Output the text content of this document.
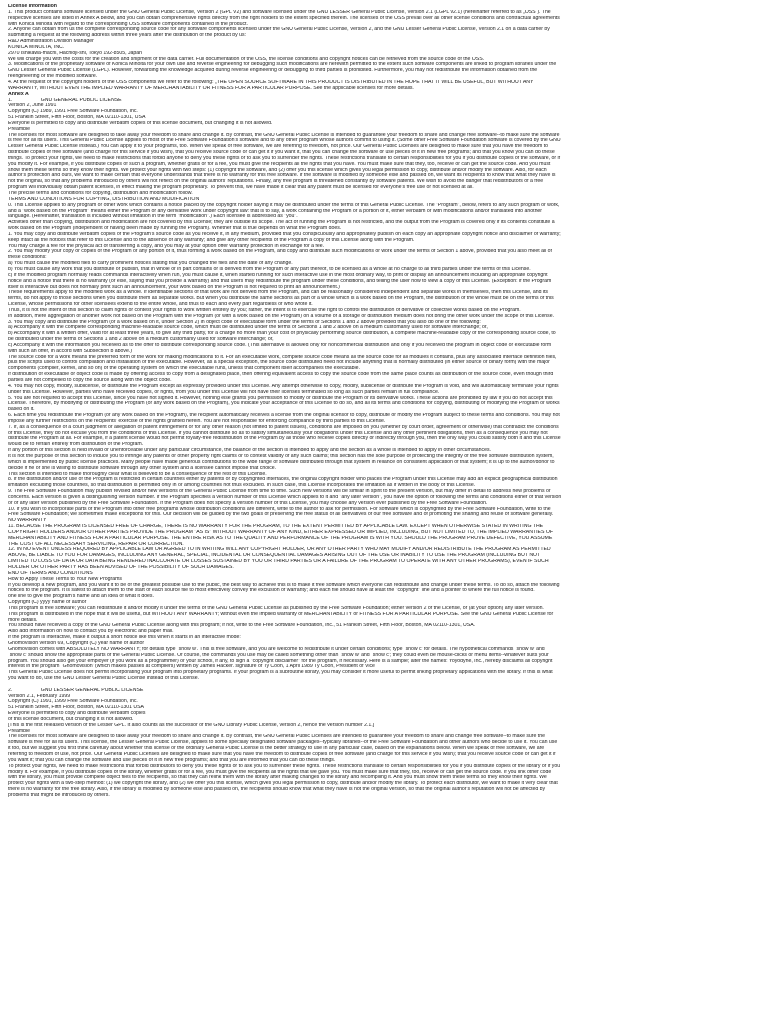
License Information
1. This product contains software licensed under the GNU General Public License, Version 2 (GPL V2) and software licensed under the GNU LESSER General Public License, Version 2.1 (LGPL v2.1) (hereinafter referred to as „OSS“). The
respective licenses are listed in Annex A below, and you can obtain comprehensive rights directly from the right holders to the extent specified therein. The licenses of the OSS prevail over all other license conditions and contractual agreements
with Konica Minolta with regard to the corresponding OSS software components contained in the product.
2. Anyone can obtain from us the complete corresponding source code for any software components licensed under the GNU General Public License, Version 2, and the GNU Lesser General Public License, Version 2.1 on a data carrier by
submitting a request at the following address within three years after the distribution of the product by us:
R&D Administration Division Manager
KONICA MINOLTA, INC.
2970 Ishikawa-machi, Hachioji-shi, Tokyo 192-8505, Japan
We will charge you with the costs for the creation and shipment of the data carrier. Full documentation of the OSS, the license conditions and copyright notices can be retrieved from the source code of the OSS.
3. Modifications of the proprietary software of Konica Minolta for your own use and reverse engineering for debugging such modifications are herewith permitted to the extent such software components are linked to program libraries under the
GNU Lesser General Public License (LGPL). However, forwarding the knowledge acquired during reverse engineering or debugging to third parties is prohibited. Furthermore, you may not redistribute the information obtained from the
reengineering or the modified software.
4. At the request of the copyright holders of the OSS components we refer to the following: „THE OPEN SOURCE SOFTWARE IN THIS PRODUCT IS DISTRIBUTED IN THE HOPE THAT IT WILL BE USEFUL, BUT WITHOUT ANY
WARRANTY, WITHOUT EVEN THE IMPLIED WARRANTY OF MERCHANTABILITY OR FITNESS FOR A PARTICULAR PURPOSE. See the applicable licenses for more details.“
Annex A
1.                    GNU GENERAL PUBLIC LICENSE
Version 2, June 1991
Copyright (C) 1989, 1991 Free Software Foundation, Inc.
51 Franklin Street, Fifth Floor, Boston, MA 02110-1301, USA
Everyone is permitted to copy and distribute verbatim copies of this license document, but changing it is not allowed.
Preamble
The licenses for most software are designed to take away your freedom to share and change it. By contrast, the GNU General Public License is intended to guarantee your freedom to share and change free software--to make sure the software
is free for all its users. This General Public License applies to most of the Free Software Foundation's software and to any other program whose authors commit to using it. (Some other Free Software Foundation software is covered by the GNU
Lesser General Public License instead.) You can apply it to your programs, too. When we speak of free software, we are referring to freedom, not price. Our General Public Licenses are designed to make sure that you have the freedom to
distribute copies of free software (and charge for this service if you wish), that you receive source code or can get it if you want it, that you can change the software or use pieces of it in new free programs; and that you know you can do these
things. To protect your rights, we need to make restrictions that forbid anyone to deny you these rights or to ask you to surrender the rights. These restrictions translate to certain responsibilities for you if you distribute copies of the software, or if
you modify it. For example, if you distribute copies of such a program, whether gratis or for a fee, you must give the recipients all the rights that you have. You must make sure that they, too, receive or can get the source code. And you must
show them these terms so they know their rights. We protect your rights with two steps: (1) copyright the software, and (2) offer you this license which gives you legal permission to copy, distribute and/or modify the software. Also, for each
author's protection and ours, we want to make certain that everyone understands that there is no warranty for this free software. If the software is modified by someone else and passed on, we want its recipients to know that what they have is
not the original, so that any problems introduced by others will not reflect on the original authors' reputations. Finally, any free program is threatened constantly by software patents. We wish to avoid the danger that redistributors of a free
program will individually obtain patent licenses, in effect making the program proprietary. To prevent this, we have made it clear that any patent must be licensed for everyone's free use or not licensed at all.
The precise terms and conditions for copying, distribution and modification follow.
TERMS AND CONDITIONS FOR COPYING, DISTRIBUTION AND MODIFICATION
0. This License applies to any program or other work which contains a notice placed by the copyright holder saying it may be distributed under the terms of this General Public License. The "Program", below, refers to any such program or work,
and a "work based on the Program" means either the Program or any derivative work under copyright law: that is to say, a work containing the Program or a portion of it, either verbatim or with modifications and/or translated into another
language. (Hereinafter, translation is included without limitation in the term "modification".) Each licensee is addressed as "you".
Activities other than copying, distribution and modification are not covered by this License; they are outside its scope. The act of running the Program is not restricted, and the output from the Program is covered only if its contents constitute a
work based on the Program (independent of having been made by running the Program). Whether that is true depends on what the Program does.
1. You may copy and distribute verbatim copies of the Program's source code as you receive it, in any medium, provided that you conspicuously and appropriately publish on each copy an appropriate copyright notice and disclaimer of warranty;
keep intact all the notices that refer to this License and to the absence of any warranty; and give any other recipients of the Program a copy of this License along with the Program.
You may charge a fee for the physical act of transferring a copy, and you may at your option offer warranty protection in exchange for a fee.
2. You may modify your copy or copies of the Program or any portion of it, thus forming a work based on the Program, and copy and distribute such modifications or work under the terms of Section 1 above, provided that you also meet all of
these conditions:
a) You must cause the modified files to carry prominent notices stating that you changed the files and the date of any change.
b) You must cause any work that you distribute or publish, that in whole or in part contains or is derived from the Program or any part thereof, to be licensed as a whole at no charge to all third parties under the terms of this License.
c) If the modified program normally reads commands interactively when run, you must cause it, when started running for such interactive use in the most ordinary way, to print or display an announcement including an appropriate copyright
notice and a notice that there is no warranty (or else, saying that you provide a warranty) and that users may redistribute the program under these conditions, and telling the user how to view a copy of this License. (Exception: if the Program
itself is interactive but does not normally print such an announcement, your work based on the Program is not required to print an announcement.)
These requirements apply to the modified work as a whole. If identifiable sections of that work are not derived from the Program, and can be reasonably considered independent and separate works in themselves, then this License, and its
terms, do not apply to those sections when you distribute them as separate works. But when you distribute the same sections as part of a whole which is a work based on the Program, the distribution of the whole must be on the terms of this
License, whose permissions for other licensees extend to the entire whole, and thus to each and every part regardless of who wrote it.
Thus, it is not the intent of this section to claim rights or contest your rights to work written entirely by you; rather, the intent is to exercise the right to control the distribution of derivative or collective works based on the Program.
In addition, mere aggregation of another work not based on the Program with the Program (or with a work based on the Program) on a volume of a storage or distribution medium does not bring the other work under the scope of this License.
3. You may copy and distribute the Program (or a work based on it, under Section 2) in object code or executable form under the terms of Sections 1 and 2 above provided that you also do one of the following:
a) Accompany it with the complete corresponding machine-readable source code, which must be distributed under the terms of Sections 1 and 2 above on a medium customarily used for software interchange; or,
b) Accompany it with a written offer, valid for at least three years, to give any third party, for a charge no more than your cost of physically performing source distribution, a complete machine-readable copy of the corresponding source code, to
be distributed under the terms of Sections 1 and 2 above on a medium customarily used for software interchange; or,
c) Accompany it with the information you received as to the offer to distribute corresponding source code. (This alternative is allowed only for noncommercial distribution and only if you received the program in object code or executable form
with such an offer, in accord with Subsection b above.)
The source code for a work means the preferred form of the work for making modifications to it. For an executable work, complete source code means all the source code for all modules it contains, plus any associated interface definition files,
plus the scripts used to control compilation and installation of the executable. However, as a special exception, the source code distributed need not include anything that is normally distributed (in either source or binary form) with the major
components (compiler, kernel, and so on) of the operating system on which the executable runs, unless that component itself accompanies the executable.
If distribution of executable or object code is made by offering access to copy from a designated place, then offering equivalent access to copy the source code from the same place counts as distribution of the source code, even though third
parties are not compelled to copy the source along with the object code.
4. You may not copy, modify, sublicense, or distribute the Program except as expressly provided under this License. Any attempt otherwise to copy, modify, sublicense or distribute the Program is void, and will automatically terminate your rights
under this License. However, parties who have received copies, or rights, from you under this License will not have their licenses terminated so long as such parties remain in full compliance.
5. You are not required to accept this License, since you have not signed it. However, nothing else grants you permission to modify or distribute the Program or its derivative works. These actions are prohibited by law if you do not accept this
License. Therefore, by modifying or distributing the Program (or any work based on the Program), you indicate your acceptance of this License to do so, and all its terms and conditions for copying, distributing or modifying the Program or works
based on it.
6. Each time you redistribute the Program (or any work based on the Program), the recipient automatically receives a license from the original licensor to copy, distribute or modify the Program subject to these terms and conditions. You may not
impose any further restrictions on the recipients' exercise of the rights granted herein. You are not responsible for enforcing compliance by third parties to this License.
7. If, as a consequence of a court judgment or allegation of patent infringement or for any other reason (not limited to patent issues), conditions are imposed on you (whether by court order, agreement or otherwise) that contradict the conditions
of this License, they do not excuse you from the conditions of this License. If you cannot distribute so as to satisfy simultaneously your obligations under this License and any other pertinent obligations, then as a consequence you may not
distribute the Program at all. For example, if a patent license would not permit royalty-free redistribution of the Program by all those who receive copies directly or indirectly through you, then the only way you could satisfy both it and this License
would be to refrain entirely from distribution of the Program.
If any portion of this section is held invalid or unenforceable under any particular circumstance, the balance of the section is intended to apply and the section as a whole is intended to apply in other circumstances.
It is not the purpose of this section to induce you to infringe any patents or other property right claims or to contest validity of any such claims; this section has the sole purpose of protecting the integrity of the free software distribution system,
which is implemented by public license practices. Many people have made generous contributions to the wide range of software distributed through that system in reliance on consistent application of that system; it is up to the author/donor to
decide if he or she is willing to distribute software through any other system and a licensee cannot impose that choice.
This section is intended to make thoroughly clear what is believed to be a consequence of the rest of this License.
8. If the distribution and/or use of the Program is restricted in certain countries either by patents or by copyrighted interfaces, the original copyright holder who places the Program under this License may add an explicit geographical distribution
limitation excluding those countries, so that distribution is permitted only in or among countries not thus excluded. In such case, this License incorporates the limitation as if written in the body of this License.
9. The Free Software Foundation may publish revised and/or new versions of the General Public License from time to time. Such new versions will be similar in spirit to the present version, but may differ in detail to address new problems or
concerns. Each version is given a distinguishing version number. If the Program specifies a version number of this License which applies to it and "any later version", you have the option of following the terms and conditions either of that version
or of any later version published by the Free Software Foundation. If the Program does not specify a version number of this License, you may choose any version ever published by the Free Software Foundation.
10. If you wish to incorporate parts of the Program into other free programs whose distribution conditions are different, write to the author to ask for permission. For software which is copyrighted by the Free Software Foundation, write to the
Free Software Foundation; we sometimes make exceptions for this. Our decision will be guided by the two goals of preserving the free status of all derivatives of our free software and of promoting the sharing and reuse of software generally.
NO WARRANTY
11. BECAUSE THE PROGRAM IS LICENSED FREE OF CHARGE, THERE IS NO WARRANTY FOR THE PROGRAM, TO THE EXTENT PERMITTED BY APPLICABLE LAW. EXCEPT WHEN OTHERWISE STATED IN WRITING THE
COPYRIGHT HOLDERS AND/OR OTHER PARTIES PROVIDE THE PROGRAM "AS IS" WITHOUT WARRANTY OF ANY KIND, EITHER EXPRESSED OR IMPLIED, INCLUDING, BUT NOT LIMITED TO, THE IMPLIED WARRANTIES OF
MERCHANTABILITY AND FITNESS FOR A PARTICULAR PURPOSE. THE ENTIRE RISK AS TO THE QUALITY AND PERFORMANCE OF THE PROGRAM IS WITH YOU. SHOULD THE PROGRAM PROVE DEFECTIVE, YOU ASSUME
THE COST OF ALL NECESSARY SERVICING, REPAIR OR CORRECTION.
12. IN NO EVENT UNLESS REQUIRED BY APPLICABLE LAW OR AGREED TO IN WRITING WILL ANY COPYRIGHT HOLDER, OR ANY OTHER PARTY WHO MAY MODIFY AND/OR REDISTRIBUTE THE PROGRAM AS PERMITTED
ABOVE, BE LIABLE TO YOU FOR DAMAGES, INCLUDING ANY GENERAL, SPECIAL, INCIDENTAL OR CONSEQUENTIAL DAMAGES ARISING OUT OF THE USE OR INABILITY TO USE THE PROGRAM (INCLUDING BUT NOT
LIMITED TO LOSS OF DATA OR DATA BEING RENDERED INACCURATE OR LOSSES SUSTAINED BY YOU OR THIRD PARTIES OR A FAILURE OF THE PROGRAM TO OPERATE WITH ANY OTHER PROGRAMS), EVEN IF SUCH
HOLDER OR OTHER PARTY HAS BEEN ADVISED OF THE POSSIBILITY OF SUCH DAMAGES.
END OF TERMS AND CONDITIONS
How to Apply These Terms to Your New Programs
If you develop a new program, and you want it to be of the greatest possible use to the public, the best way to achieve this is to make it free software which everyone can redistribute and change under these terms. To do so, attach the following
notices to the program. It is safest to attach them to the start of each source file to most effectively convey the exclusion of warranty; and each file should have at least the "copyright" line and a pointer to where the full notice is found.
one line to give the program's name and an idea of what it does.
Copyright (C) yyyy name of author
This program is free software; you can redistribute it and/or modify it under the terms of the GNU General Public License as published by the Free Software Foundation; either version 2 of the License, or (at your option) any later version.
This program is distributed in the hope that it will be useful, but WITHOUT ANY WARRANTY; without even the implied warranty of MERCHANTABILITY or FITNESS FOR A PARTICULAR PURPOSE. See the GNU General Public License for
more details.
You should have received a copy of the GNU General Public License along with this program; if not, write to the Free Software Foundation, Inc., 51 Franklin Street, Fifth Floor, Boston, MA 02110-1301, USA.
Also add information on how to contact you by electronic and paper mail.
If the program is interactive, make it output a short notice like this when it starts in an interactive mode:
Gnomovision version 69, Copyright (C) year name of author
Gnomovision comes with ABSOLUTELY NO WARRANTY; for details type `show w'. This is free software, and you are welcome to redistribute it under certain conditions; type `show c' for details. The hypothetical commands `show w' and
`show c' should show the appropriate parts of the General Public License. Of course, the commands you use may be called something other than `show w' and `show c'; they could even be mouse-clicks or menu items--whatever suits your
program. You should also get your employer (if you work as a programmer) or your school, if any, to sign a "copyright disclaimer" for the program, if necessary. Here is a sample; alter the names: Yoyodyne, Inc., hereby disclaims all copyright
interest in the program `Gnomovision' (which makes passes at compilers) written by James Hacker. signature of Ty Coon, 1 April 1989 Ty Coon, President of Vice
This General Public License does not permit incorporating your program into proprietary programs. If your program is a subroutine library, you may consider it more useful to permit linking proprietary applications with the library. If this is what
you want to do, use the GNU Lesser General Public License instead of this License.
2.                    GNU LESSER GENERAL PUBLIC LICENSE
Version 2.1, February 1999
Copyright (C) 1991, 1999 Free Software Foundation, Inc.
51 Franklin Street, Fifth Floor, Boston, MA 02110-1301 USA
Everyone is permitted to copy and distribute verbatim copies
of this license document, but changing it is not allowed.
[This is the first released version of the Lesser GPL. It also counts as the successor of the GNU Library Public License, version 2, hence the version number 2.1.]
Preamble
The licenses for most software are designed to take away your freedom to share and change it. By contrast, the GNU General Public Licenses are intended to guarantee your freedom to share and change free software--to make sure the
software is free for all its users. This license, the Lesser General Public License, applies to some specially designated software packages--typically libraries--of the Free Software Foundation and other authors who decide to use it. You can use
it too, but we suggest you first think carefully about whether this license or the ordinary General Public License is the better strategy to use in any particular case, based on the explanations below. When we speak of free software, we are
referring to freedom of use, not price. Our General Public Licenses are designed to make sure that you have the freedom to distribute copies of free software (and charge for this service if you wish); that you receive source code or can get it if
you want it; that you can change the software and use pieces of it in new free programs; and that you are informed that you can do these things.
To protect your rights, we need to make restrictions that forbid distributors to deny you these rights or to ask you to surrender these rights. These restrictions translate to certain responsibilities for you if you distribute copies of the library or if you
modify it. For example, if you distribute copies of the library, whether gratis or for a fee, you must give the recipients all the rights that we gave you. You must make sure that they, too, receive or can get the source code. If you link other code
with the library, you must provide complete object files to the recipients, so that they can relink them with the library after making changes to the library and recompiling it. And you must show them these terms so they know their rights. We
protect your rights with a two-step method: (1) we copyright the library, and (2) we offer you this license, which gives you legal permission to copy, distribute and/or modify the library. To protect each distributor, we want to make it very clear that
there is no warranty for the free library. Also, if the library is modified by someone else and passed on, the recipients should know that what they have is not the original version, so that the original author's reputation will not be affected by
problems that might be introduced by others.
